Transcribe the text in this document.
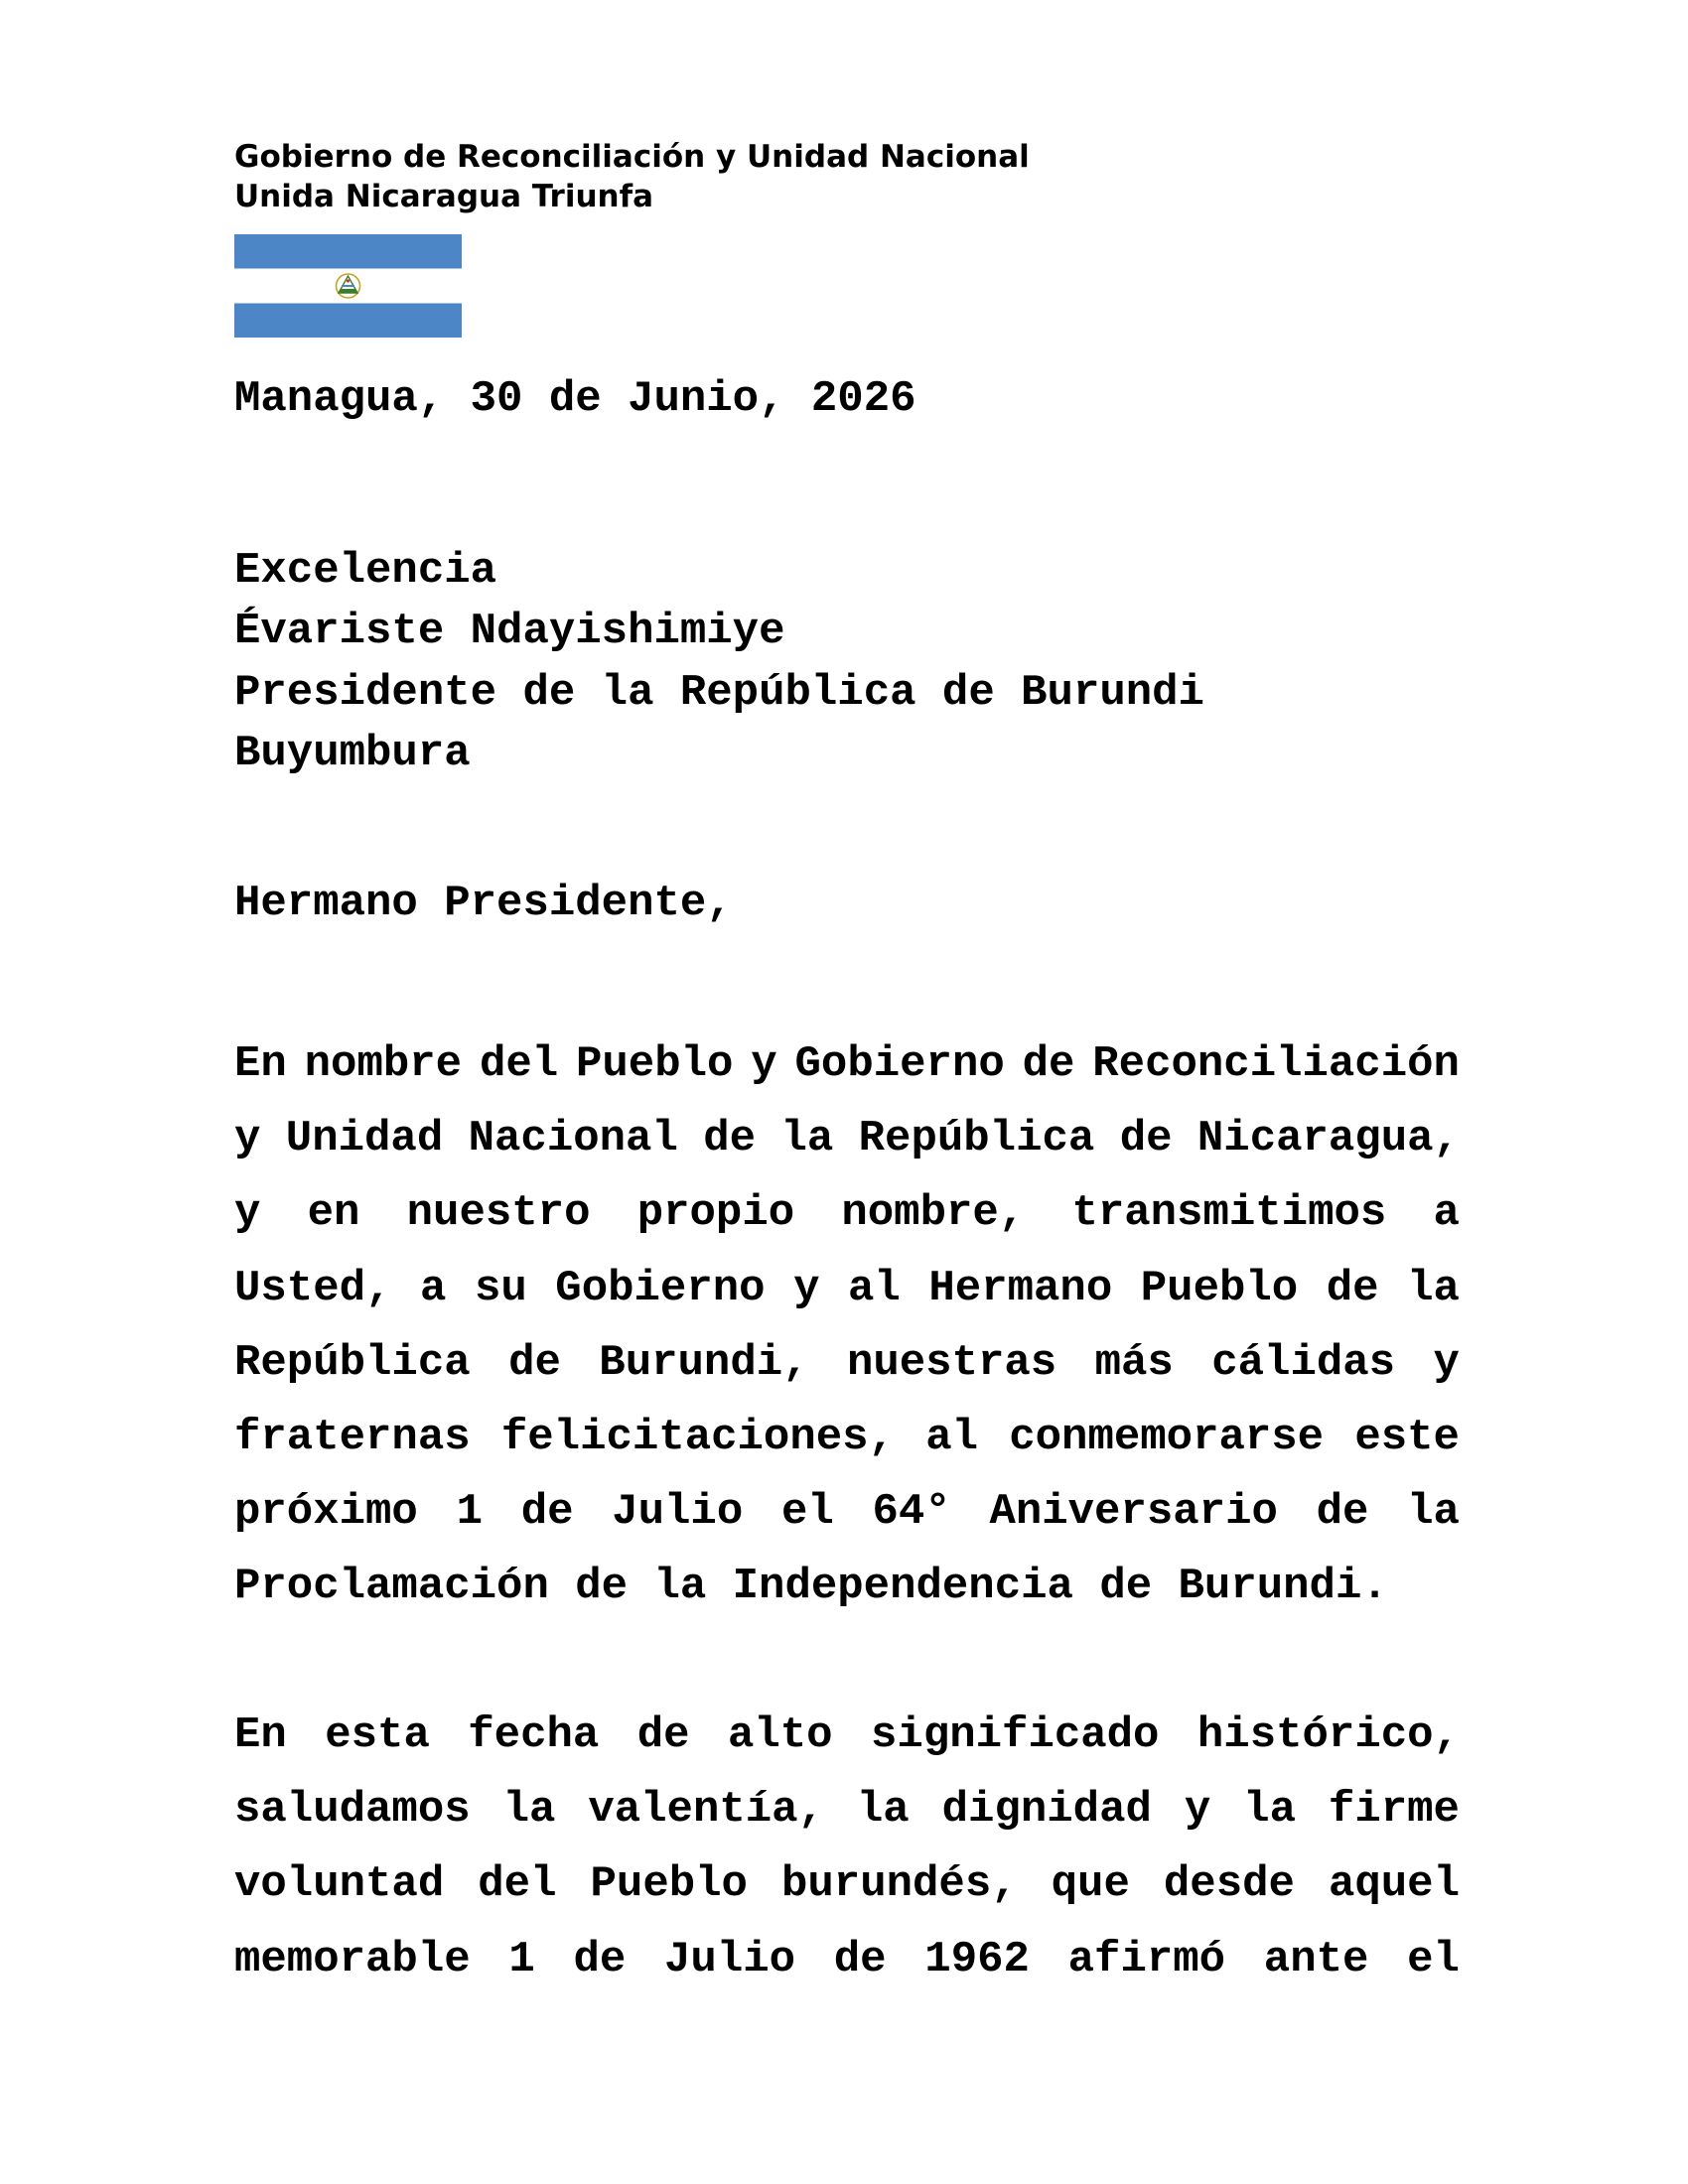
Gobierno de Reconciliación y Unidad Nacional
Unida Nicaragua Triunfa
Managua, 30 de Junio, 2026
Excelencia
Évariste Ndayishimiye
Presidente de la República de Burundi
Buyumbura
Hermano Presidente,
En nombre del Pueblo y Gobierno de Reconciliación
y Unidad Nacional de la República de Nicaragua,
y en nuestro propio nombre, transmitimos a
Usted, a su Gobierno y al Hermano Pueblo de la
República de Burundi, nuestras más cálidas y
fraternas felicitaciones, al conmemorarse este
próximo 1 de Julio el 64° Aniversario de la
Proclamación de la Independencia de Burundi.
En esta fecha de alto significado histórico,
saludamos la valentía, la dignidad y la firme
voluntad del Pueblo burundés, que desde aquel
memorable 1 de Julio de 1962 afirmó ante el
